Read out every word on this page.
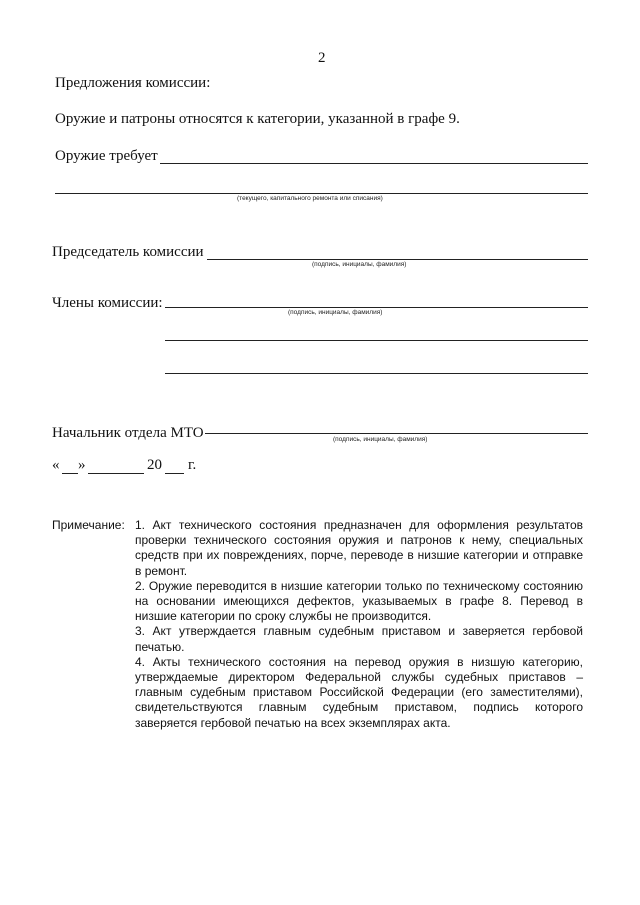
2
Предложения комиссии:
Оружие и патроны относятся к категории, указанной в графе 9.
Оружие требует
(текущего, капитального ремонта или списания)
Председатель комиссии
(подпись, инициалы, фамилия)
Члены комиссии:
(подпись, инициалы, фамилия)
Начальник отдела МТО	(подпись, инициалы, фамилия)
« »	20 г.
Примечание: 1. Акт технического состояния предназначен для оформления результатов проверки технического состояния оружия и патронов к нему, специальных средств при их повреждениях, порче, переводе в низшие категории и отправке в ремонт.

2. Оружие переводится в низшие категории только по техническому состоянию на основании имеющихся дефектов, указываемых в графе 8. Перевод в низшие категории по сроку службы не производится.

3. Акт утверждается главным судебным приставом и заверяется гербовой печатью.

4. Акты технического состояния на перевод оружия в низшую категорию, утверждаемые директором Федеральной службы судебных приставов – главным судебным приставом Российской Федерации (его заместителями), свидетельствуются главным судебным приставом, подпись которого заверяется гербовой печатью на всех экземплярах акта.
